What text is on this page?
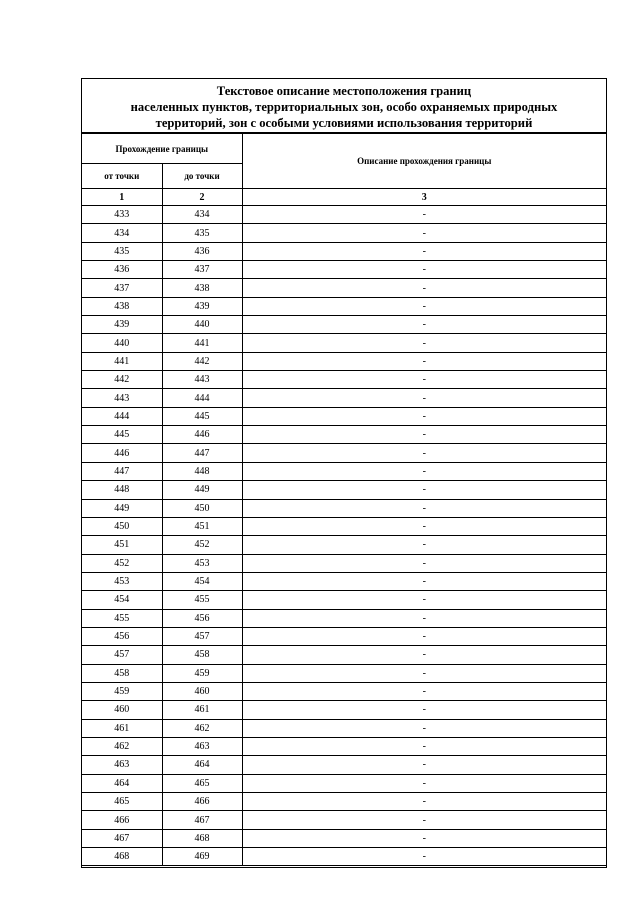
Текстовое описание местоположения границ
населенных пунктов, территориальных зон, особо охраняемых природных
территорий, зон с особыми условиями использования территорий
Прохождение границы		Описание прохождения границы
от точки	до точки	
1	2	3
433	434	-
434	435	-
435	436	-
436	437	-
437	438	-
438	439	-
439	440	-
440	441	-
441	442	-
442	443	-
443	444	-
444	445	-
445	446	-
446	447	-
447	448	-
448	449	-
449	450	-
450	451	-
451	452	-
452	453	-
453	454	-
454	455	-
455	456	-
456	457	-
457	458	-
458	459	-
459	460	-
460	461	-
461	462	-
462	463	-
463	464	-
464	465	-
465	466	-
466	467	-
467	468	-
468	469	-
